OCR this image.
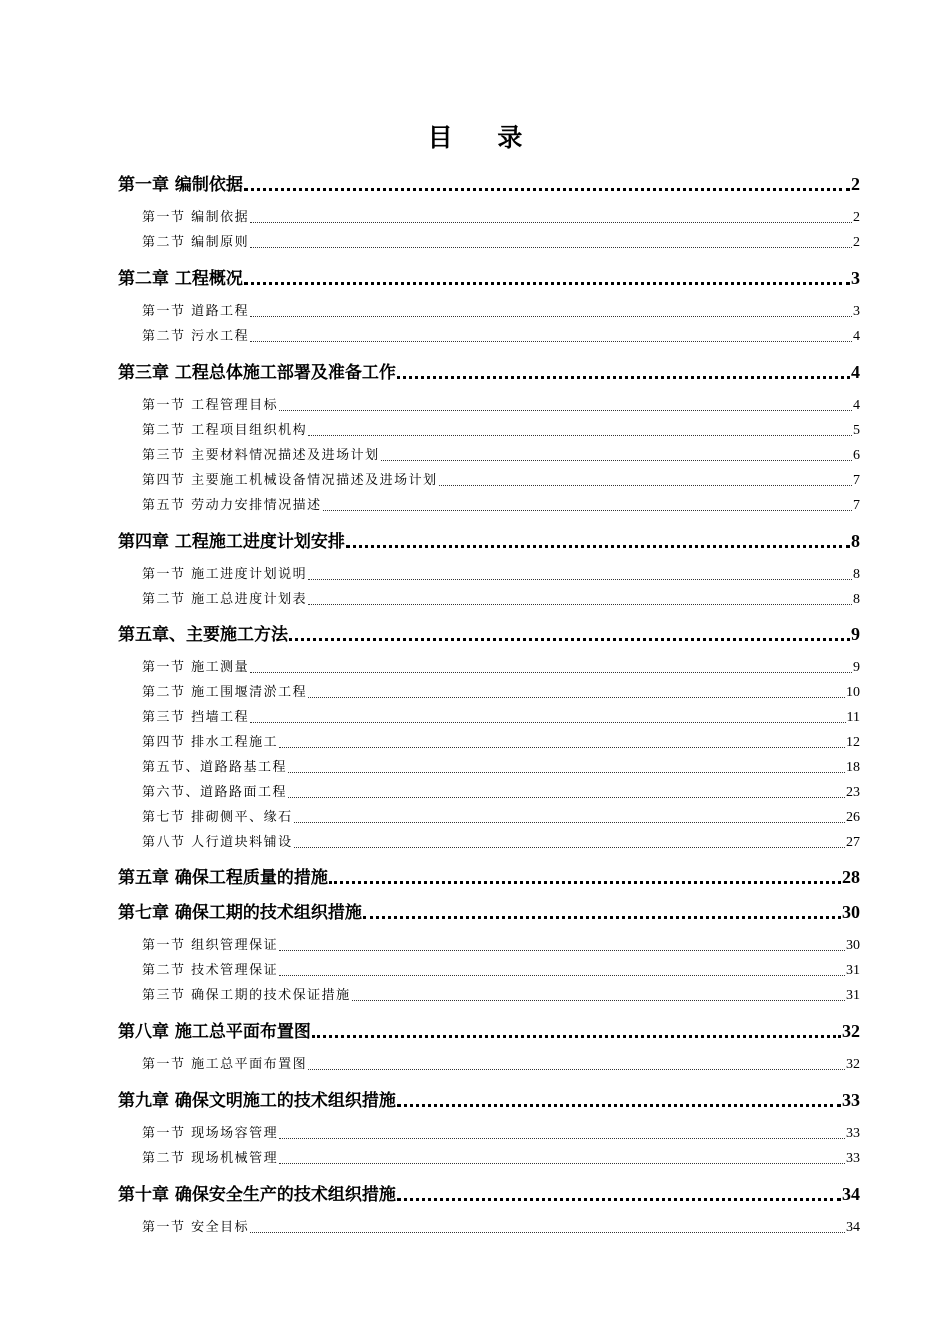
目 录
第一章 编制依据	2
第一节 编制依据	2
第二节 编制原则	2
第二章 工程概况	3
第一节 道路工程	3
第二节 污水工程	4
第三章 工程总体施工部署及准备工作	4
第一节 工程管理目标	4
第二节 工程项目组织机构	5
第三节 主要材料情况描述及进场计划	6
第四节 主要施工机械设备情况描述及进场计划	7
第五节 劳动力安排情况描述	7
第四章 工程施工进度计划安排	8
第一节 施工进度计划说明	8
第二节 施工总进度计划表	8
第五章、主要施工方法	9
第一节 施工测量	9
第二节 施工围堰清淤工程	10
第三节 挡墙工程	11
第四节 排水工程施工	12
第五节、道路路基工程	18
第六节、道路路面工程	23
第七节 排砌侧平、缘石	26
第八节 人行道块料铺设	27
第五章 确保工程质量的措施	28
第七章 确保工期的技术组织措施	30
第一节 组织管理保证	30
第二节 技术管理保证	31
第三节 确保工期的技术保证措施	31
第八章 施工总平面布置图	32
第一节 施工总平面布置图	32
第九章 确保文明施工的技术组织措施	33
第一节 现场场容管理	33
第二节 现场机械管理	33
第十章 确保安全生产的技术组织措施	34
第一节 安全目标	34
